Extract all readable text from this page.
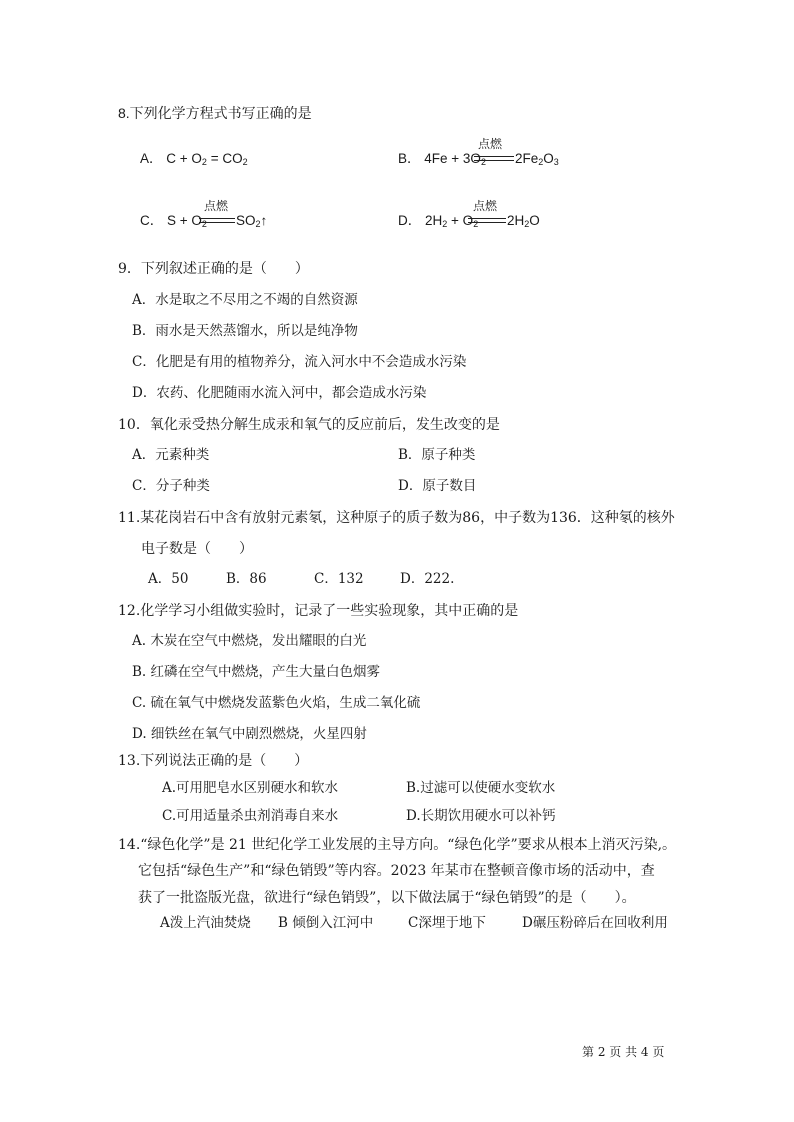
8.下列化学方程式书写正确的是
A． $C + O_2 = CO_2$	B． $4Fe + 3O_2$
点燃
$2Fe_2O_3$
C． $S + O_2$
点燃
$SO_2↑$	D． $2H_2 + O_2$
点燃
$2H_2O$
9．下列叙述正确的是（　　）
A．水是取之不尽用之不竭的自然资源
B．雨水是天然蒸馏水，所以是纯净物
C．化肥是有用的植物养分，流入河水中不会造成水污染
D．农药、化肥随雨水流入河中，都会造成水污染
10．氧化汞受热分解生成汞和氧气的反应前后，发生改变的是
A．元素种类	B．原子种类
C．分子种类	D．原子数目
11.某花岗岩石中含有放射元素氡，这种原子的质子数为86，中子数为136．这种氡的核外
电子数是（　　）
A．50	B．86	C．132	D．222.
12.化学学习小组做实验时，记录了一些实验现象，其中正确的是
A. 木炭在空气中燃烧，发出耀眼的白光
B. 红磷在空气中燃烧，产生大量白色烟雾
C. 硫在氧气中燃烧发蓝紫色火焰，生成二氧化硫
D. 细铁丝在氧气中剧烈燃烧，火星四射
13.下列说法正确的是（　　）
A.可用肥皂水区别硬水和软水	B.过滤可以使硬水变软水
C.可用适量杀虫剂消毒自来水	D.长期饮用硬水可以补钙
14.“绿色化学”是 21 世纪化学工业发展的主导方向。“绿色化学”要求从根本上消灭污染,。
它包括“绿色生产”和“绿色销毁”等内容。2023 年某市在整顿音像市场的活动中，查
获了一批盗版光盘，欲进行“绿色销毁”，以下做法属于“绿色销毁”的是（　　）。
A泼上汽油焚烧 B 倾倒入江河中	C深埋于地下	D碾压粉碎后在回收利用
第 2 页 共 4 页
